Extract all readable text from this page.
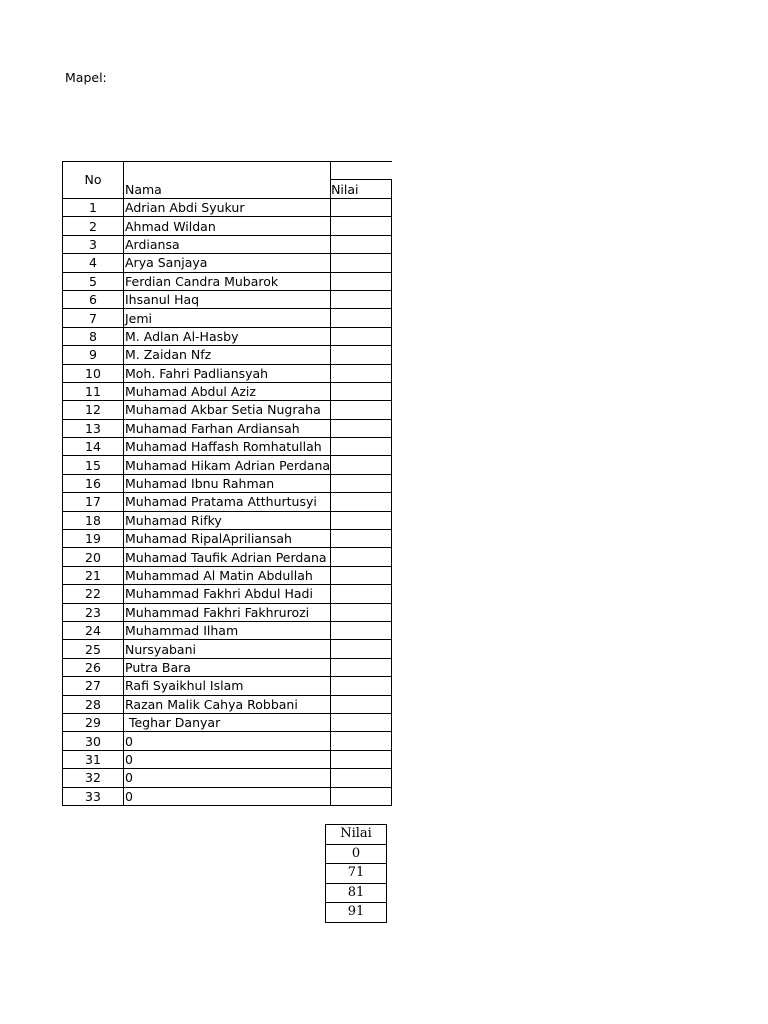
Mapel:
No	Nama	
		Nilai
1	Adrian Abdi Syukur	
2	Ahmad Wildan	
3	Ardiansa	
4	Arya Sanjaya	
5	Ferdian Candra Mubarok	
6	Ihsanul Haq	
7	Jemi	
8	M. Adlan Al-Hasby	
9	M. Zaidan Nfz	
10	Moh. Fahri Padliansyah	
11	Muhamad Abdul Aziz	
12	Muhamad Akbar Setia Nugraha	
13	Muhamad Farhan Ardiansah	
14	Muhamad Haffash Romhatullah	
15	Muhamad Hikam Adrian Perdana	
16	Muhamad Ibnu Rahman	
17	Muhamad Pratama Atthurtusyi	
18	Muhamad Rifky	
19	Muhamad RipalApriliansah	
20	Muhamad Taufik Adrian Perdana	
21	Muhammad Al Matin Abdullah	
22	Muhammad Fakhri Abdul Hadi	
23	Muhammad Fakhri Fakhrurozi	
24	Muhammad Ilham	
25	Nursyabani	
26	Putra Bara	
27	Rafi Syaikhul Islam	
28	Razan Malik Cahya Robbani	
29	Teghar Danyar	
30	0	
31	0	
32	0	
33	0	
Nilai
0
71
81
91
